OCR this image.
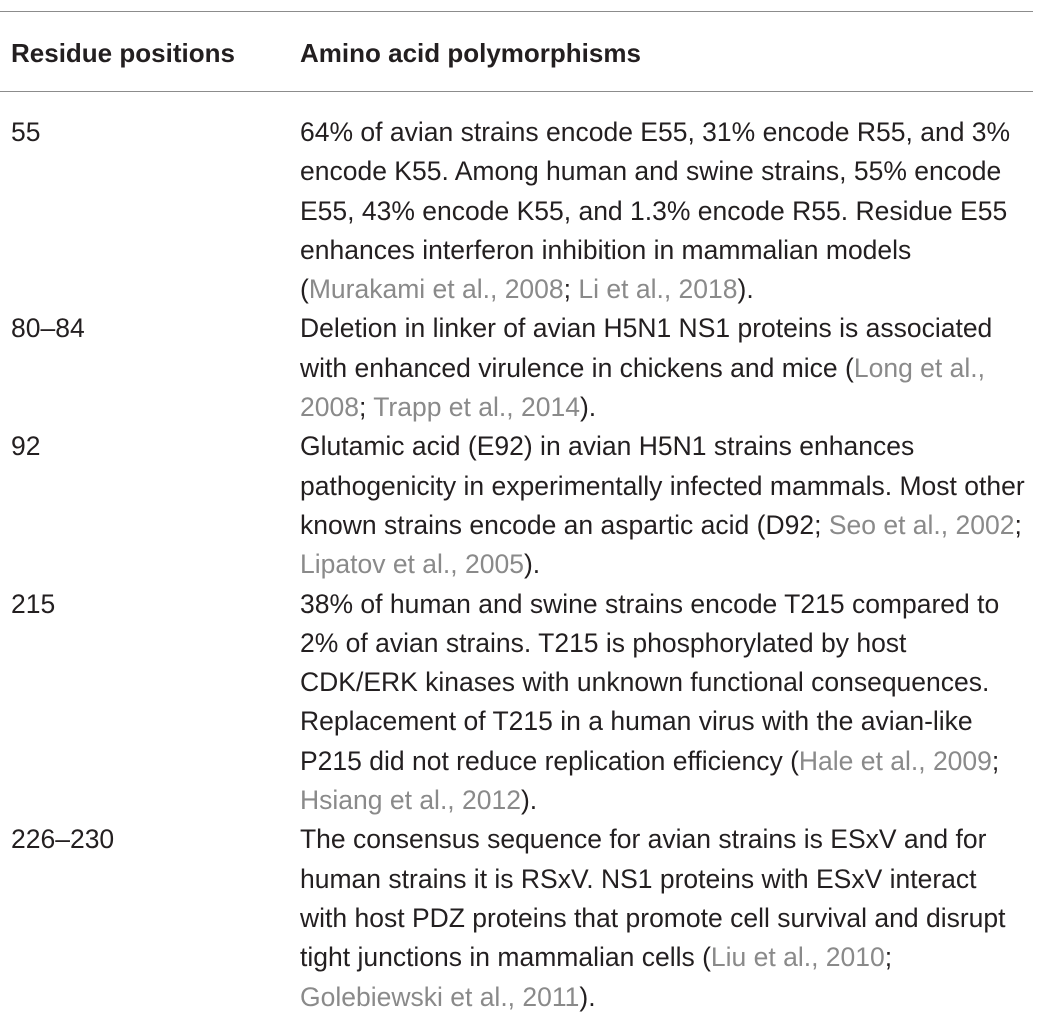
Residue positions	Amino acid polymorphisms
55	64% of avian strains encode E55, 31% encode R55, and 3% encode K55. Among human and swine strains, 55% encode E55, 43% encode K55, and 1.3% encode R55. Residue E55 enhances interferon inhibition in mammalian models (Murakami et al., 2008; Li et al., 2018).
80–84	Deletion in linker of avian H5N1 NS1 proteins is associated with enhanced virulence in chickens and mice (Long et al., 2008; Trapp et al., 2014).
92	Glutamic acid (E92) in avian H5N1 strains enhances pathogenicity in experimentally infected mammals. Most other known strains encode an aspartic acid (D92; Seo et al., 2002; Lipatov et al., 2005).
215	38% of human and swine strains encode T215 compared to 2% of avian strains. T215 is phosphorylated by host CDK/ERK kinases with unknown functional consequences. Replacement of T215 in a human virus with the avian-like P215 did not reduce replication efficiency (Hale et al., 2009; Hsiang et al., 2012).
226–230	The consensus sequence for avian strains is ESxV and for human strains it is RSxV. NS1 proteins with ESxV interact with host PDZ proteins that promote cell survival and disrupt tight junctions in mammalian cells (Liu et al., 2010; Golebiewski et al., 2011).
